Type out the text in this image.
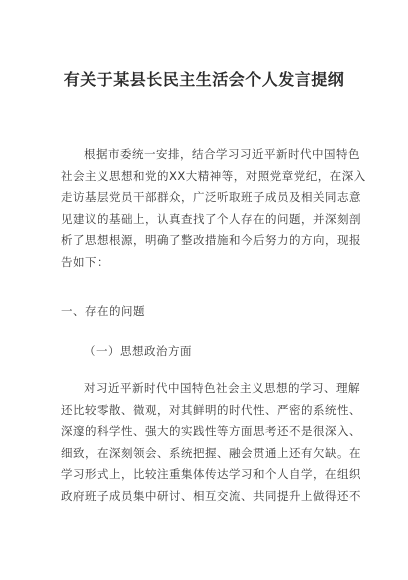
有关于某县长民主生活会个人发言提纲
根据市委统一安排，结合学习习近平新时代中国特色
社会主义思想和党的XX大精神等，对照党章党纪，在深入
走访基层党员干部群众，广泛听取班子成员及相关同志意
见建议的基础上，认真查找了个人存在的问题，并深刻剖
析了思想根源，明确了整改措施和今后努力的方向，现报
告如下：
一、存在的问题
（一）思想政治方面
对习近平新时代中国特色社会主义思想的学习、理解
还比较零散、微观，对其鲜明的时代性、严密的系统性、
深邃的科学性、强大的实践性等方面思考还不是很深入、
细致，在深刻领会、系统把握、融会贯通上还有欠缺。在
学习形式上，比较注重集体传达学习和个人自学，在组织
政府班子成员集中研讨、相互交流、共同提升上做得还不
